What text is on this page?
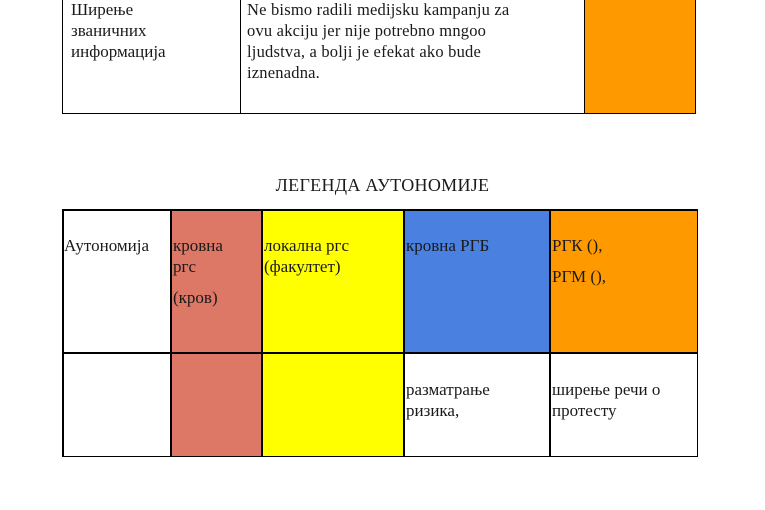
Ширење
званичних
информација
Ne bismo radili medijsku kampanju za
ovu akciju jer nije potrebno mngoo
ljudstva, a bolji je efekat ako bude
iznenadna.
ЛЕГЕНДА АУТОНОМИЈЕ
Аутономија	кровна
ргс
(кров)
локална ргс
(факултет)
кровна РГБ	РГК (),
РГМ (),
разматрање
ризика,
ширење речи о
протесту
